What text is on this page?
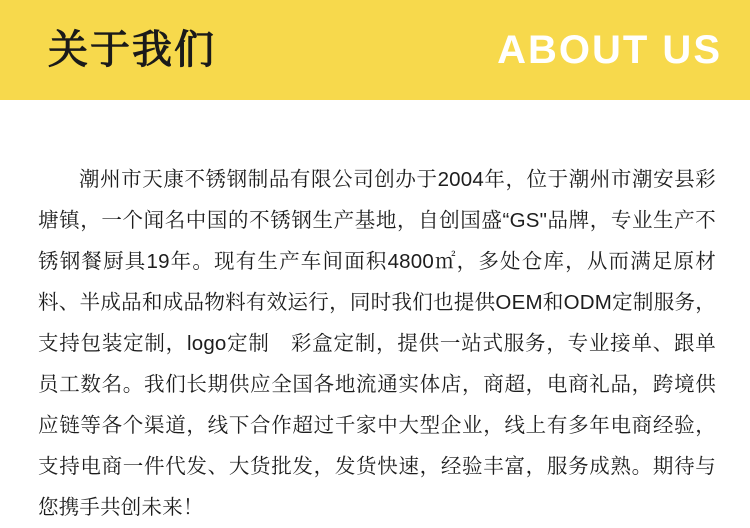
关于我们	ABOUT US

潮州市天康不锈钢制品有限公司创办于2004年，位于潮州市潮安县彩塘镇，一个闻名中国的不锈钢生产基地，自创国盛“GS"品牌，专业生产不锈钢餐厨具19年。现有生产车间面积4800㎡，多处仓库，从而满足原材料、半成品和成品物料有效运行，同时我们也提供OEM和ODM定制服务，支持包装定制，logo定制　彩盒定制，提供一站式服务，专业接单、跟单员工数名。我们长期供应全国各地流通实体店，商超，电商礼品，跨境供应链等各个渠道，线下合作超过千家中大型企业，线上有多年电商经验，支持电商一件代发、大货批发，发货快速，经验丰富，服务成熟。期待与您携手共创未来！
